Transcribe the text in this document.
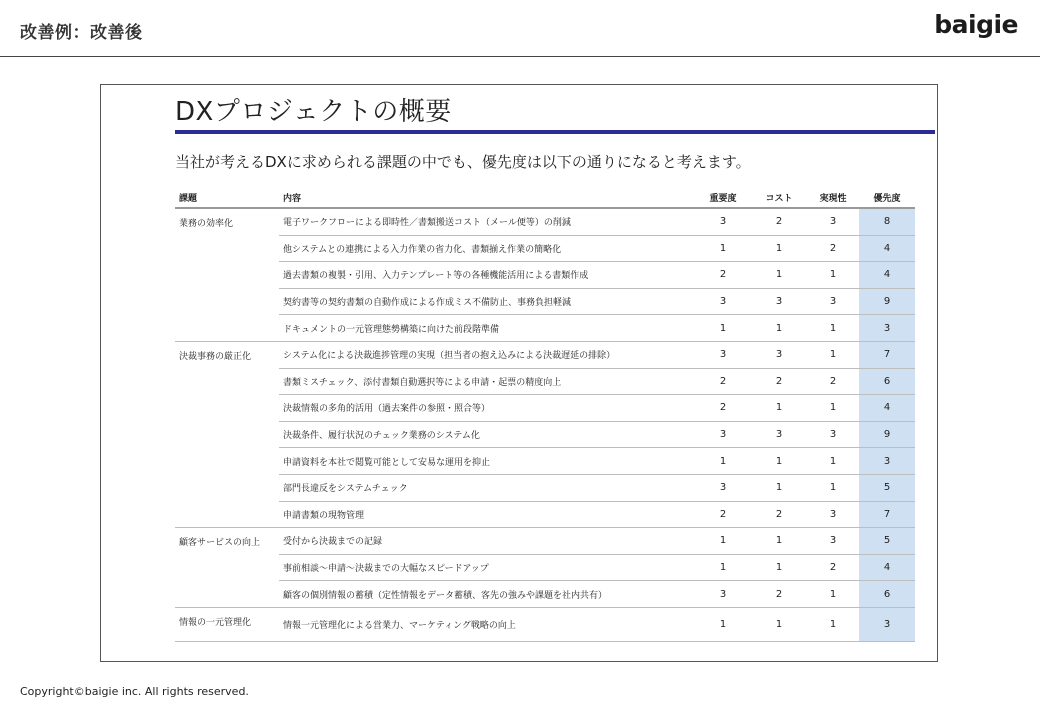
改善例：改善後	baigie
DXプロジェクトの概要
当社が考えるDXに求められる課題の中でも、優先度は以下の通りになると考えます。
課題	内容	重要度	コスト	実現性	優先度
業務の効率化	電子ワークフローによる即時性／書類搬送コスト（メール便等）の削減	3	2	3	8
	他システムとの連携による入力作業の省力化、書類揃え作業の簡略化	1	1	2	4
	過去書類の複製・引用、入力テンプレート等の各種機能活用による書類作成	2	1	1	4
	契約書等の契約書類の自動作成による作成ミス不備防止、事務負担軽減	3	3	3	9
	ドキュメントの一元管理態勢構築に向けた前段階準備	1	1	1	3
決裁事務の厳正化	システム化による決裁進捗管理の実現（担当者の抱え込みによる決裁遅延の排除）	3	3	1	7
	書類ミスチェック、添付書類自動選択等による申請・起票の精度向上	2	2	2	6
	決裁情報の多角的活用（過去案件の参照・照合等）	2	1	1	4
	決裁条件、履行状況のチェック業務のシステム化	3	3	3	9
	申請資料を本社で閲覧可能として安易な運用を抑止	1	1	1	3
	部門長違反をシステムチェック	3	1	1	5
	申請書類の現物管理	2	2	3	7
顧客サービスの向上	受付から決裁までの記録	1	1	3	5
	事前相談〜申請〜決裁までの大幅なスピードアップ	1	1	2	4
	顧客の個別情報の蓄積（定性情報をデータ蓄積、客先の強みや課題を社内共有）	3	2	1	6
情報の一元管理化	情報一元管理化による営業力、マーケティング戦略の向上	1	1	1	3
Copyright©baigie inc. All rights reserved.
